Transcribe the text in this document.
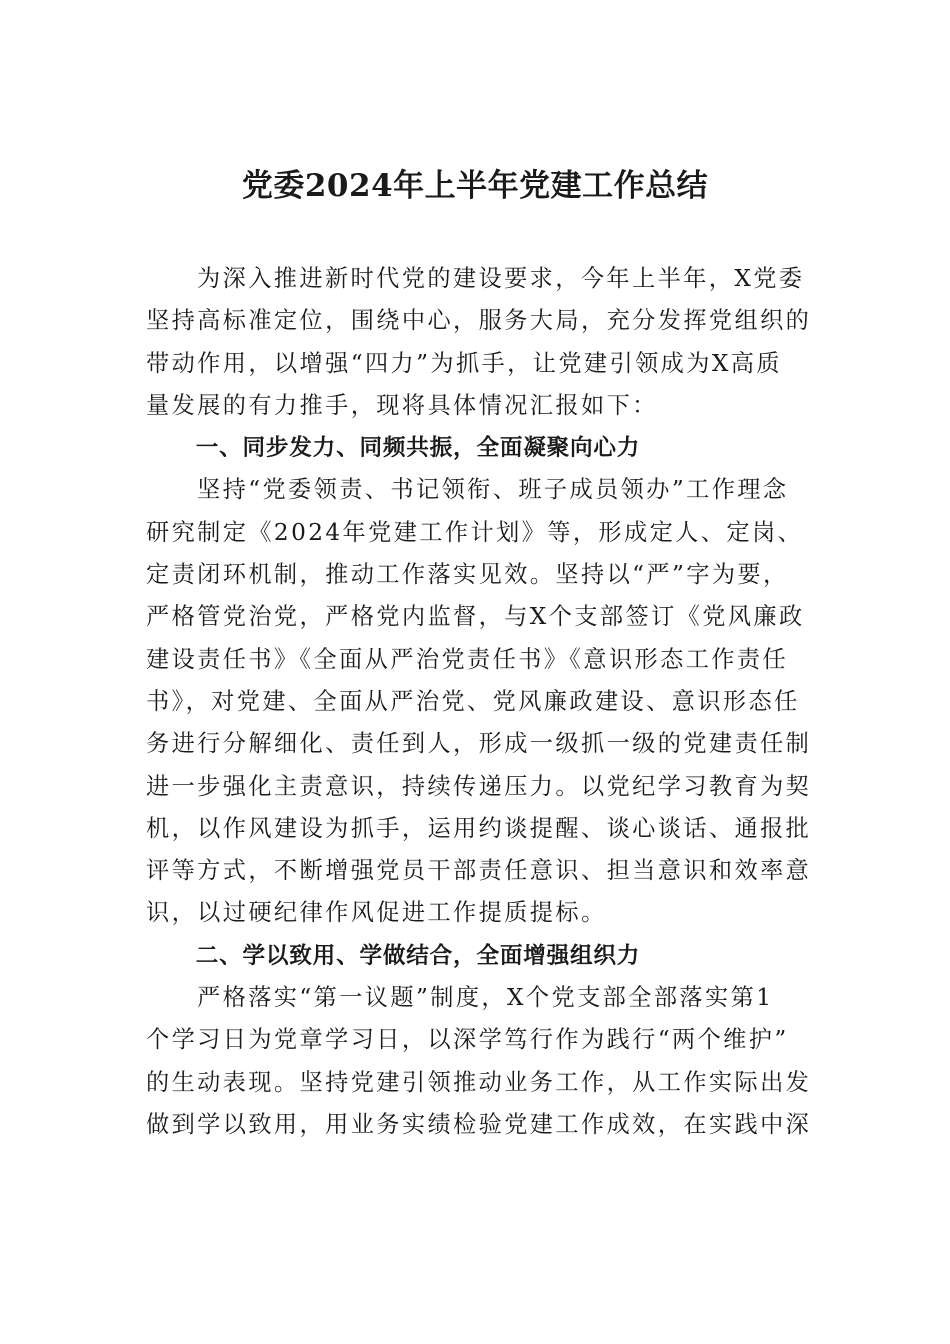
党委2024年上半年党建工作总结

为深入推进新时代党的建设要求，今年上半年，X党委
坚持高标准定位，围绕中心，服务大局，充分发挥党组织的
带动作用，以增强“四力”为抓手，让党建引领成为X高质
量发展的有力推手，现将具体情况汇报如下：

一、同步发力、同频共振，全面凝聚向心力

坚持“党委领责、书记领衔、班子成员领办”工作理念
研究制定《2024年党建工作计划》等，形成定人、定岗、
定责闭环机制，推动工作落实见效。坚持以“严”字为要，
严格管党治党，严格党内监督，与X个支部签订《党风廉政
建设责任书》《全面从严治党责任书》《意识形态工作责任
书》，对党建、全面从严治党、党风廉政建设、意识形态任
务进行分解细化、责任到人，形成一级抓一级的党建责任制
进一步强化主责意识，持续传递压力。以党纪学习教育为契
机，以作风建设为抓手，运用约谈提醒、谈心谈话、通报批
评等方式，不断增强党员干部责任意识、担当意识和效率意
识，以过硬纪律作风促进工作提质提标。

二、学以致用、学做结合，全面增强组织力

严格落实“第一议题”制度，X个党支部全部落实第1
个学习日为党章学习日，以深学笃行作为践行“两个维护”
的生动表现。坚持党建引领推动业务工作，从工作实际出发
做到学以致用，用业务实绩检验党建工作成效，在实践中深
